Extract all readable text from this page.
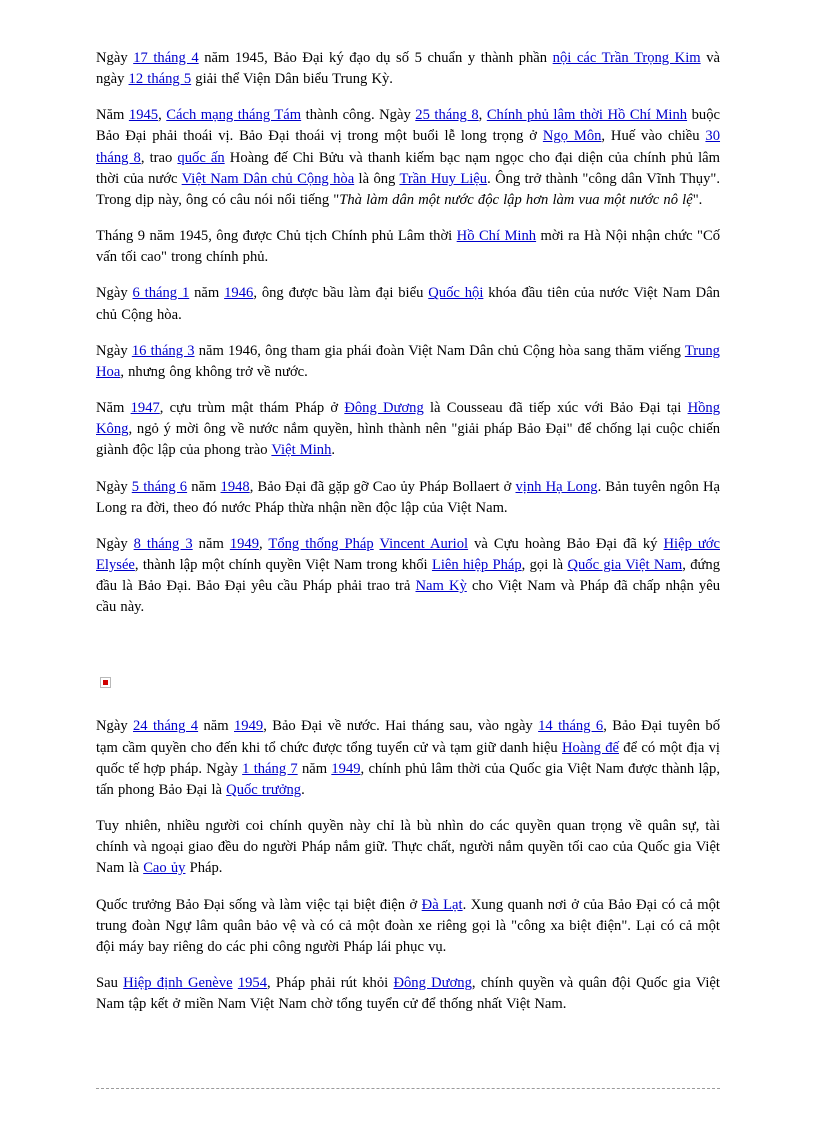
Ngày 17 tháng 4 năm 1945, Bảo Đại ký đạo dụ số 5 chuẩn y thành phần nội các Trần Trọng Kim và ngày 12 tháng 5 giải thể Viện Dân biểu Trung Kỳ.

Năm 1945, Cách mạng tháng Tám thành công. Ngày 25 tháng 8, Chính phủ lâm thời Hồ Chí Minh buộc Bảo Đại phải thoái vị. Bảo Đại thoái vị trong một buổi lễ long trọng ở Ngọ Môn, Huế vào chiều 30 tháng 8, trao quốc ấn Hoàng đế Chi Bửu và thanh kiếm bạc nạm ngọc cho đại diện của chính phủ lâm thời của nước Việt Nam Dân chủ Cộng hòa là ông Trần Huy Liệu. Ông trở thành "công dân Vĩnh Thụy". Trong dịp này, ông có câu nói nổi tiếng "Thà làm dân một nước độc lập hơn làm vua một nước nô lệ".

Tháng 9 năm 1945, ông được Chủ tịch Chính phủ Lâm thời Hồ Chí Minh mời ra Hà Nội nhận chức "Cố vấn tối cao" trong chính phủ.

Ngày 6 tháng 1 năm 1946, ông được bầu làm đại biểu Quốc hội khóa đầu tiên của nước Việt Nam Dân chủ Cộng hòa.

Ngày 16 tháng 3 năm 1946, ông tham gia phái đoàn Việt Nam Dân chủ Cộng hòa sang thăm viếng Trung Hoa, nhưng ông không trở về nước.

Năm 1947, cựu trùm mật thám Pháp ở Đông Dương là Cousseau đã tiếp xúc với Bảo Đại tại Hồng Kông, ngỏ ý mời ông về nước nắm quyền, hình thành nên "giải pháp Bảo Đại" để chống lại cuộc chiến giành độc lập của phong trào Việt Minh.

Ngày 5 tháng 6 năm 1948, Bảo Đại đã gặp gỡ Cao ủy Pháp Bollaert ở vịnh Hạ Long. Bản tuyên ngôn Hạ Long ra đời, theo đó nước Pháp thừa nhận nền độc lập của Việt Nam.

Ngày 8 tháng 3 năm 1949, Tổng thống Pháp Vincent Auriol và Cựu hoàng Bảo Đại đã ký Hiệp ước Elysée, thành lập một chính quyền Việt Nam trong khối Liên hiệp Pháp, gọi là Quốc gia Việt Nam, đứng đầu là Bảo Đại. Bảo Đại yêu cầu Pháp phải trao trả Nam Kỳ cho Việt Nam và Pháp đã chấp nhận yêu cầu này.

Ngày 24 tháng 4 năm 1949, Bảo Đại về nước. Hai tháng sau, vào ngày 14 tháng 6, Bảo Đại tuyên bố tạm cầm quyền cho đến khi tổ chức được tổng tuyển cử và tạm giữ danh hiệu Hoàng đế để có một địa vị quốc tế hợp pháp. Ngày 1 tháng 7 năm 1949, chính phủ lâm thời của Quốc gia Việt Nam được thành lập, tấn phong Bảo Đại là Quốc trưởng.

Tuy nhiên, nhiều người coi chính quyền này chỉ là bù nhìn do các quyền quan trọng về quân sự, tài chính và ngoại giao đều do người Pháp nắm giữ. Thực chất, người nắm quyền tối cao của Quốc gia Việt Nam là Cao ủy Pháp.

Quốc trưởng Bảo Đại sống và làm việc tại biệt điện ở Đà Lạt. Xung quanh nơi ở của Bảo Đại có cả một trung đoàn Ngự lâm quân bảo vệ và có cả một đoàn xe riêng gọi là "công xa biệt điện". Lại có cả một đội máy bay riêng do các phi công người Pháp lái phục vụ.

Sau Hiệp định Genève 1954, Pháp phải rút khỏi Đông Dương, chính quyền và quân đội Quốc gia Việt Nam tập kết ở miền Nam Việt Nam chờ tổng tuyển cử để thống nhất Việt Nam.
